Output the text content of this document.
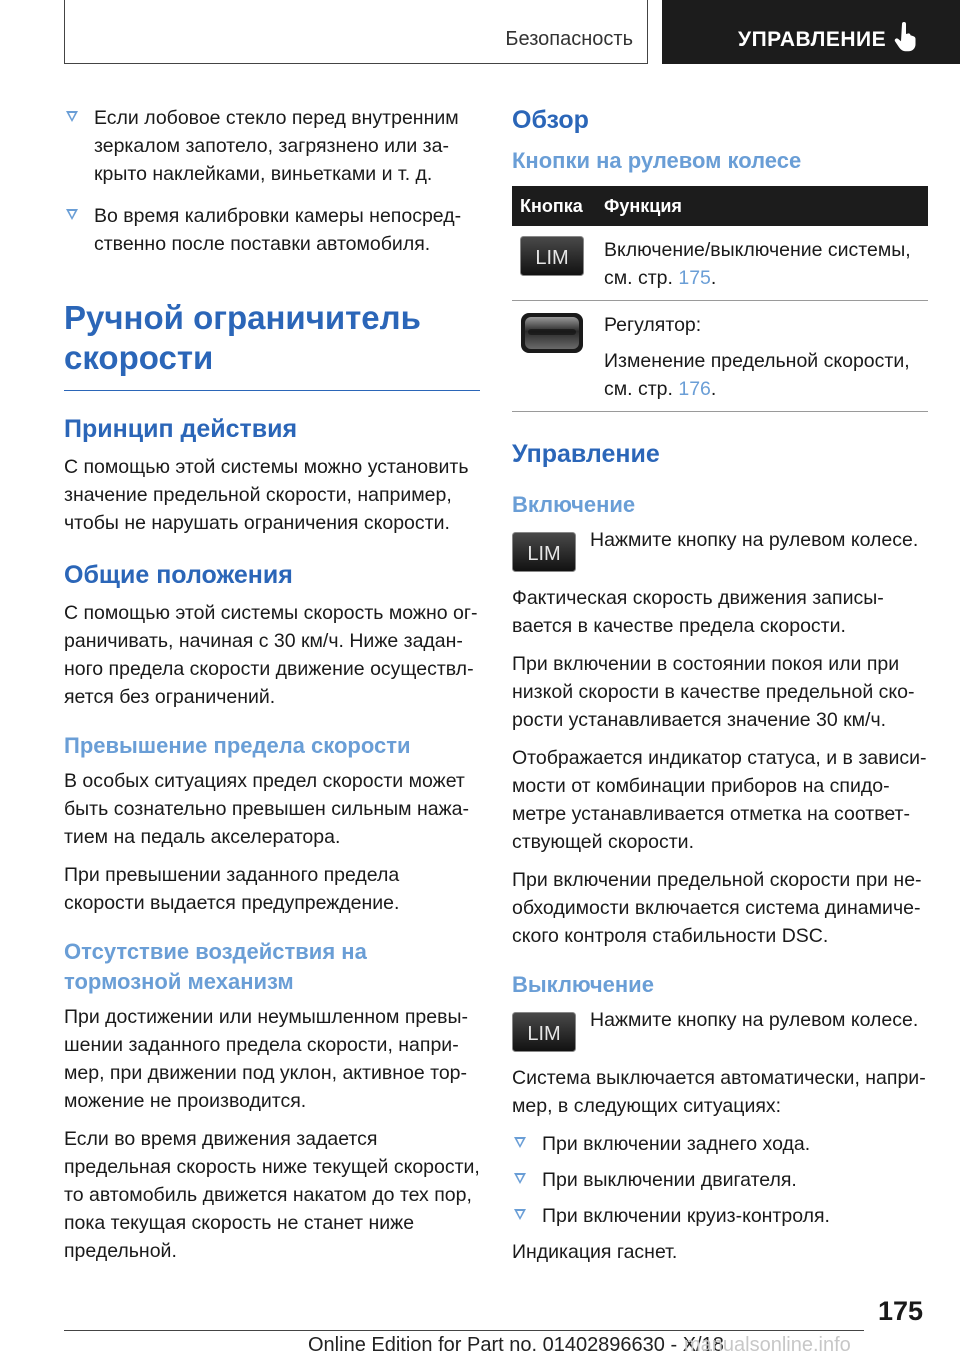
Безопасность	УПРАВЛЕНИЕ
Если лобовое стекло перед внутренним зеркалом запотело, загрязнено или закрыто наклейками, виньетками и т. д.
Во время калибровки камеры непосредственно после поставки автомобиля.
Ручной ограничитель скорости
Принцип действия

С помощью этой системы можно установить значение предельной скорости, например, чтобы не нарушать ограничения скорости.

Общие положения

С помощью этой системы скорость можно ограничивать, начиная с 30 км/ч. Ниже заданного предела скорости движение осуществляется без ограничений.

Превышение предела скорости

В особых ситуациях предел скорости может быть сознательно превышен сильным нажатием на педаль акселератора.

При превышении заданного предела скорости выдается предупреждение.

Отсутствие воздействия на тормозной механизм

При достижении или неумышленном превышении заданного предела скорости, например, при движении под уклон, активное торможение не производится.

Если во время движения задается предельная скорость ниже текущей скорости, то автомобиль движется накатом до тех пор, пока текущая скорость не станет ниже предельной.

Обзор
Кнопки на рулевом колесе
Кнопка	Функция

LIM	Включение/выключение системы, см. стр. 175.

Регулятор:

Изменение предельной скорости, см. стр. 176.

Управление
Включение
LIM

Нажмите кнопку на рулевом колесе.

Фактическая скорость движения записывается в качестве предела скорости.

При включении в состоянии покоя или при низкой скорости в качестве предельной скорости устанавливается значение 30 км/ч.

Отображается индикатор статуса, и в зависимости от комбинации приборов на спидометре устанавливается отметка на соответствующей скорости.

При включении предельной скорости при необходимости включается система динамического контроля стабильности DSC.

Выключение
LIM

Нажмите кнопку на рулевом колесе.

Система выключается автоматически, например, в следующих ситуациях:

При включении заднего хода.
При выключении двигателя.
При включении круиз-контроля.

Индикация гаснет.

175
Online Edition for Part no. 01402896630 - X/18
manualsonline.info
